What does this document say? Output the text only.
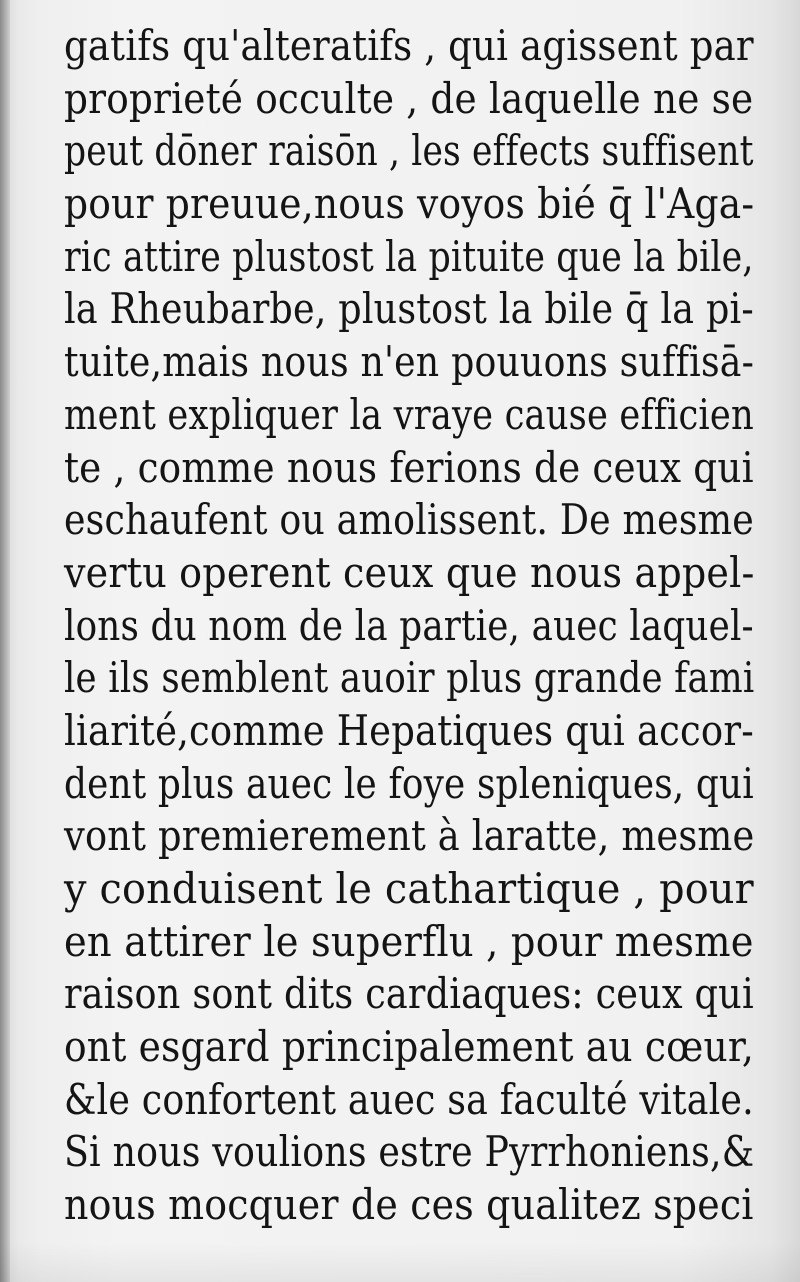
gatifs qu'alteratifs , qui agissent par
proprieté occulte , de laquelle ne se
peut dōner raisōn , les effects suffisent
pour preuue,nous voyos bié q̄ l'Aga-
ric attire plustost la pituite que la bile,
la Rheubarbe, plustost la bile q̄ la pi-
tuite,mais nous n'en pouuons suffisā-
ment expliquer la vraye cause efficien
te , comme nous ferions de ceux qui
eschaufent ou amolissent. De mesme
vertu operent ceux que nous appel-
lons du nom de la partie, auec laquel-
le ils semblent auoir plus grande fami
liarité,comme Hepatiques qui accor-
dent plus auec le foye spleniques, qui
vont premierement à laratte, mesme
y conduisent le cathartique , pour
en attirer le superflu , pour mesme
raison sont dits cardiaques: ceux qui
ont esgard principalement au cœur,
&le confortent auec sa faculté vitale.
Si nous voulions estre Pyrrhoniens,&
nous mocquer de ces qualitez speci
